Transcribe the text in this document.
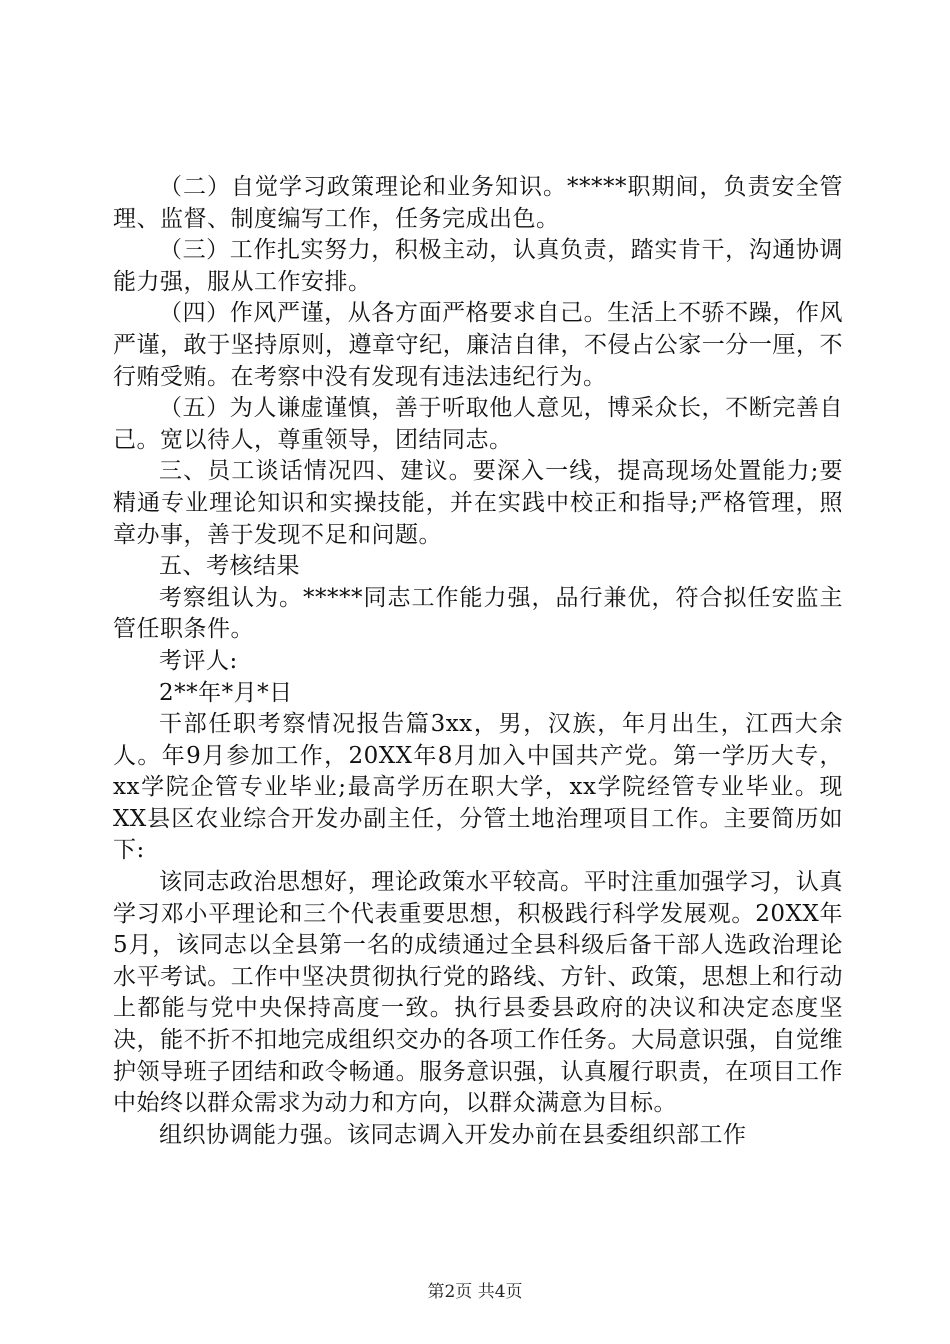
（二）自觉学习政策理论和业务知识。*****职期间，负责安全管理、监督、制度编写工作，任务完成出色。

（三）工作扎实努力，积极主动，认真负责，踏实肯干，沟通协调能力强，服从工作安排。

（四）作风严谨，从各方面严格要求自己。生活上不骄不躁，作风严谨，敢于坚持原则，遵章守纪，廉洁自律，不侵占公家一分一厘，不行贿受贿。在考察中没有发现有违法违纪行为。

（五）为人谦虚谨慎，善于听取他人意见，博采众长，不断完善自己。宽以待人，尊重领导，团结同志。

三、员工谈话情况四、建议。要深入一线，提高现场处置能力;要精通专业理论知识和实操技能，并在实践中校正和指导;严格管理，照章办事，善于发现不足和问题。

五、考核结果

考察组认为。*****同志工作能力强，品行兼优，符合拟任安监主管任职条件。

考评人:

2**年*月*日

干部任职考察情况报告篇3xx，男，汉族，年月出生，江西大余人。年9月参加工作，20XX年8月加入中国共产党。第一学历大专，xx学院企管专业毕业;最高学历在职大学，xx学院经管专业毕业。现XX县区农业综合开发办副主任，分管土地治理项目工作。主要简历如下:

该同志政治思想好，理论政策水平较高。平时注重加强学习，认真学习邓小平理论和三个代表重要思想，积极践行科学发展观。20XX年5月，该同志以全县第一名的成绩通过全县科级后备干部人选政治理论水平考试。工作中坚决贯彻执行党的路线、方针、政策，思想上和行动上都能与党中央保持高度一致。执行县委县政府的决议和决定态度坚决，能不折不扣地完成组织交办的各项工作任务。大局意识强，自觉维护领导班子团结和政令畅通。服务意识强，认真履行职责，在项目工作中始终以群众需求为动力和方向，以群众满意为目标。

组织协调能力强。该同志调入开发办前在县委组织部工作

第2页 共4页
